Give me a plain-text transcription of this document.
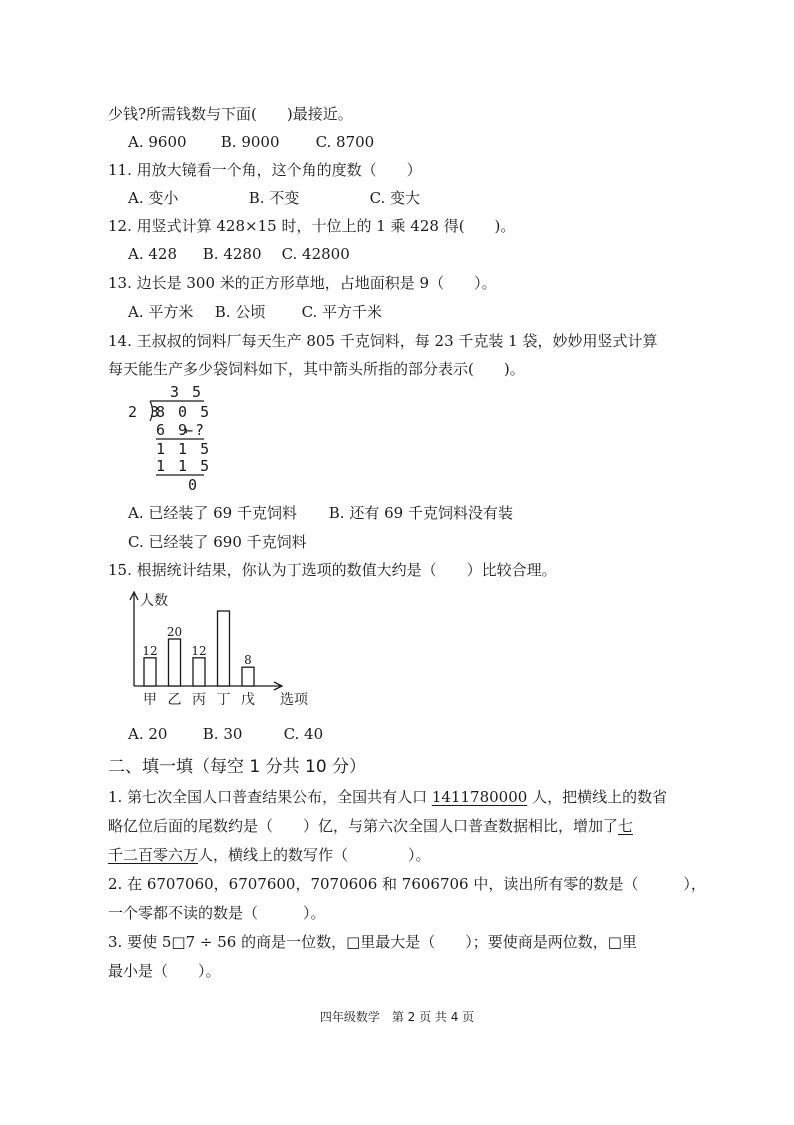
少钱?所需钱数与下面(　　)最接近。
A. 9600 B. 9000 C. 8700
11. 用放大镜看一个角，这个角的度数（　　）
A. 变小	B. 不变	C. 变大
12. 用竖式计算 428×15 时，十位上的 1 乘 428 得(　　)。
A. 428 B. 4280 C. 42800
13. 边长是 300 米的正方形草地，占地面积是 9（　　）。
A. 平方米 B. 公顷 C. 平方千米
14. 王叔叔的饲料厂每天生产 805 千克饲料，每 23 千克装 1 袋，妙妙用竖式计算
每天能生产多少袋饲料如下，其中箭头所指的部分表示(　　)。
3 5
2 3
8 0 5
6 9
←?
1 1 5
1 1 5
0
A. 已经装了 69 千克饲料 B. 还有 69 千克饲料没有装
C. 已经装了 690 千克饲料
15. 根据统计结果，你认为丁选项的数值大约是（　　）比较合理。
人数
选项
12
甲
20
乙
12
丙 丁
8
戊
A. 20 B. 30	C. 40
二、填一填（每空 1 分共 10 分）
1. 第七次全国人口普查结果公布，全国共有人口 1411780000 人，把横线上的数省
略亿位后面的尾数约是（　　）亿，与第六次全国人口普查数据相比，增加了七
千二百零六万人，横线上的数写作（　　　　）。
2. 在 6707060，6707600，7070606 和 7606706 中，读出所有零的数是（　　　），
一个零都不读的数是（　　　）。
3. 要使 5□7 ÷ 56 的商是一位数，□里最大是（　　）；要使商是两位数，□里
最小是（　　）。
四年级数学　第 2 页 共 4 页
